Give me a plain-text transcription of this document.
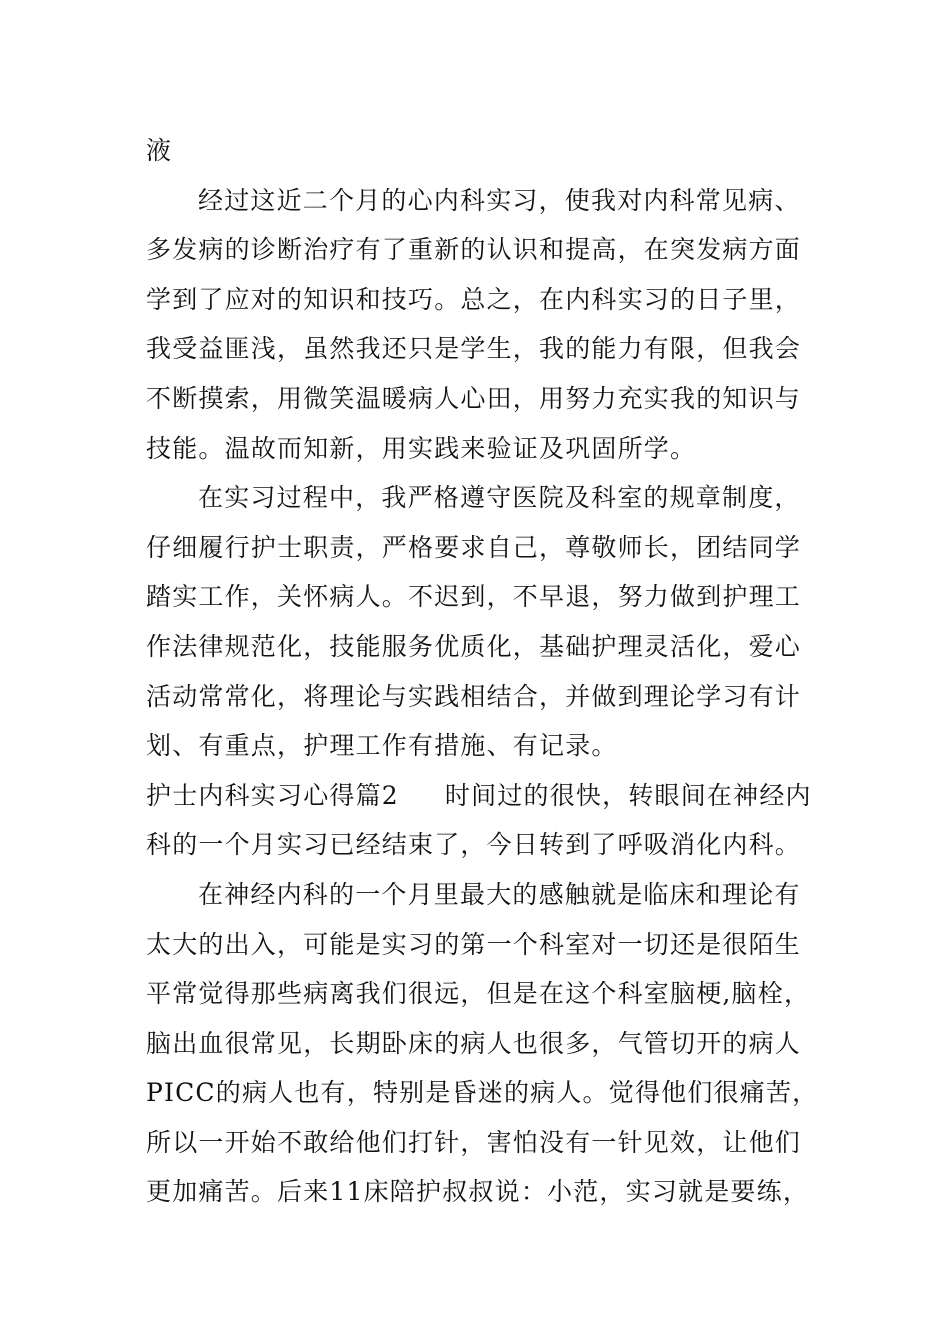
液
经过这近二个月的心内科实习，使我对内科常见病、
多发病的诊断治疗有了重新的认识和提高，在突发病方面
学到了应对的知识和技巧。总之，在内科实习的日子里，
我受益匪浅，虽然我还只是学生，我的能力有限，但我会
不断摸索，用微笑温暖病人心田，用努力充实我的知识与
技能。温故而知新，用实践来验证及巩固所学。
在实习过程中，我严格遵守医院及科室的规章制度，
仔细履行护士职责，严格要求自己，尊敬师长，团结同学
踏实工作，关怀病人。不迟到，不早退，努力做到护理工
作法律规范化，技能服务优质化，基础护理灵活化，爱心
活动常常化，将理论与实践相结合，并做到理论学习有计
划、有重点，护理工作有措施、有记录。
护士内科实习心得篇2 时间过的很快，转眼间在神经内
科的一个月实习已经结束了，今日转到了呼吸消化内科。
在神经内科的一个月里最大的感触就是临床和理论有
太大的出入，可能是实习的第一个科室对一切还是很陌生
平常觉得那些病离我们很远，但是在这个科室脑梗,脑栓，
脑出血很常见，长期卧床的病人也很多，气管切开的病人
PICC的病人也有，特别是昏迷的病人。觉得他们很痛苦，
所以一开始不敢给他们打针，害怕没有一针见效，让他们
更加痛苦。后来11床陪护叔叔说：小范，实习就是要练，
